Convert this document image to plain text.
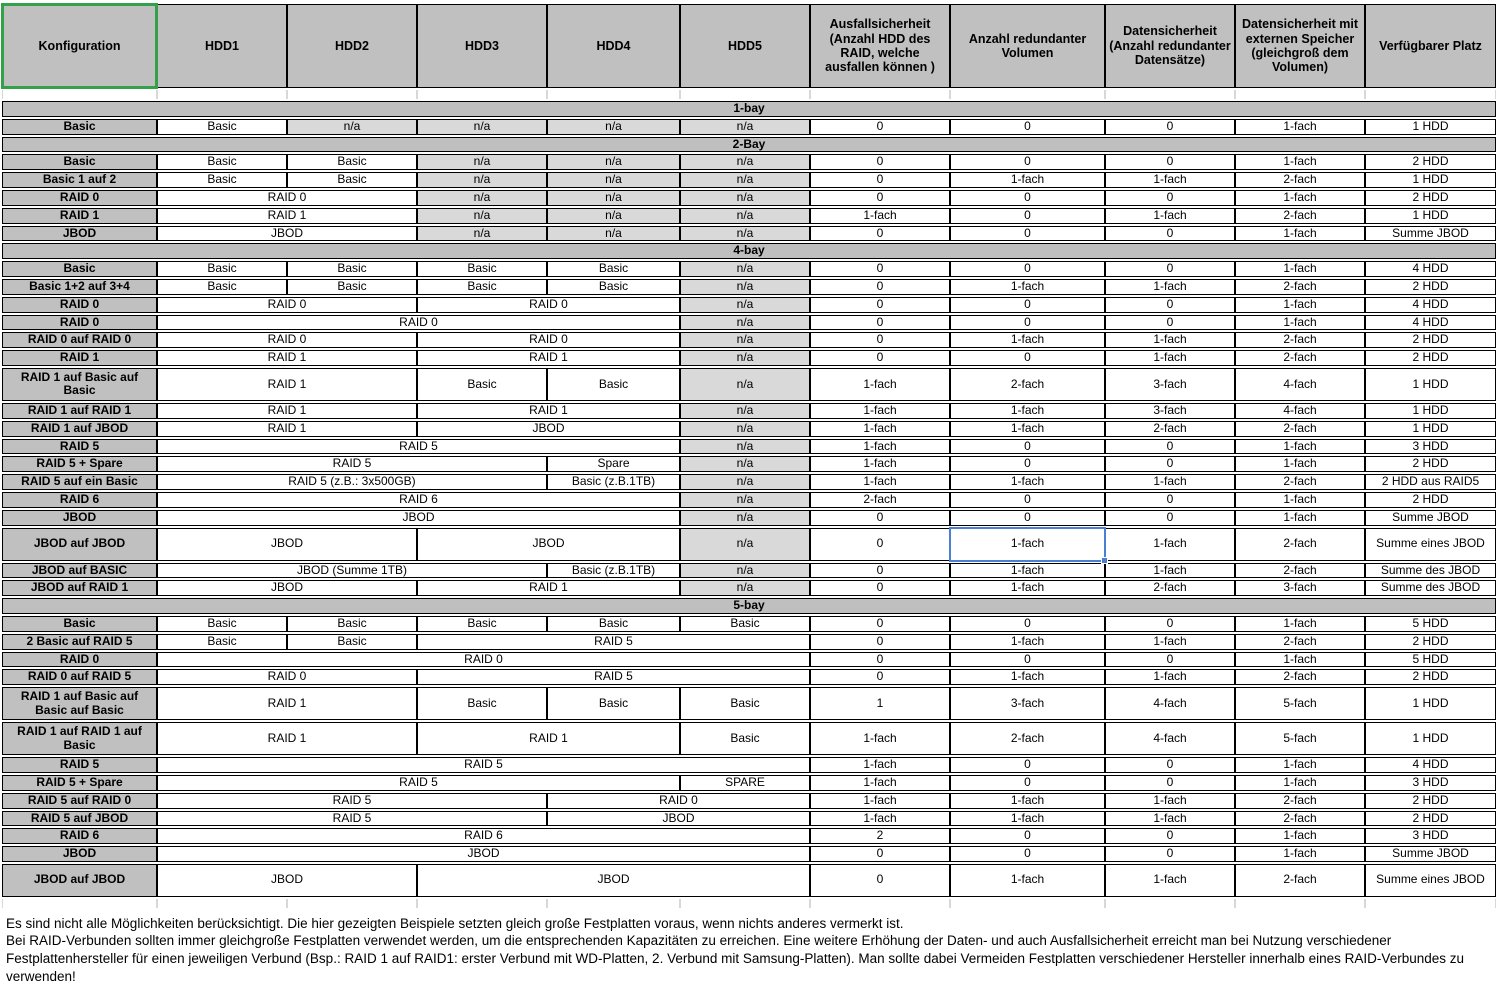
Konfiguration	HDD1	HDD2	HDD3	HDD4	HDD5	Ausfallsicherheit (Anzahl HDD des RAID, welche ausfallen können )	Anzahl redundanter Volumen	Datensicherheit (Anzahl redundanter Datensätze)	Datensicherheit mit externen Speicher (gleichgroß dem Volumen)	Verfügbarer Platz

1-bay										
Basic	Basic	n/a	n/a	n/a	n/a	0	0	0	1-fach	1 HDD
2-Bay										
Basic	Basic	Basic	n/a	n/a	n/a	0	0	0	1-fach	2 HDD
Basic 1 auf 2	Basic	Basic	n/a	n/a	n/a	0	1-fach	1-fach	2-fach	1 HDD
RAID 0	RAID 0		n/a	n/a	n/a	0	0	0	1-fach	2 HDD
RAID 1	RAID 1		n/a	n/a	n/a	1-fach	0	1-fach	2-fach	1 HDD
JBOD	JBOD		n/a	n/a	n/a	0	0	0	1-fach	Summe JBOD
4-bay										
Basic	Basic	Basic	Basic	Basic	n/a	0	0	0	1-fach	4 HDD
Basic 1+2 auf 3+4	Basic	Basic	Basic	Basic	n/a	0	1-fach	1-fach	2-fach	2 HDD
RAID 0	RAID 0		RAID 0		n/a	0	0	0	1-fach	4 HDD
RAID 0	RAID 0				n/a	0	0	0	1-fach	4 HDD
RAID 0 auf RAID 0	RAID 0		RAID 0		n/a	0	1-fach	1-fach	2-fach	2 HDD
RAID 1	RAID 1		RAID 1		n/a	0	0	1-fach	2-fach	2 HDD
RAID 1 auf Basic auf Basic	RAID 1		Basic	Basic	n/a	1-fach	2-fach	3-fach	4-fach	1 HDD
RAID 1 auf RAID 1	RAID 1		RAID 1		n/a	1-fach	1-fach	3-fach	4-fach	1 HDD
RAID 1 auf JBOD	RAID 1		JBOD		n/a	1-fach	1-fach	2-fach	2-fach	1 HDD
RAID 5	RAID 5				n/a	1-fach	0	0	1-fach	3 HDD
RAID 5 + Spare	RAID 5			Spare	n/a	1-fach	0	0	1-fach	2 HDD
RAID 5 auf ein Basic	RAID 5 (z.B.: 3x500GB)			Basic (z.B.1TB)	n/a	1-fach	1-fach	1-fach	2-fach	2 HDD aus RAID5
RAID 6	RAID 6				n/a	2-fach	0	0	1-fach	2 HDD
JBOD	JBOD				n/a	0	0	0	1-fach	Summe JBOD
JBOD auf JBOD	JBOD		JBOD		n/a	0	1-fach	1-fach	2-fach	Summe eines JBOD
JBOD auf BASIC	JBOD (Summe 1TB)			Basic (z.B.1TB)	n/a	0	1-fach	1-fach	2-fach	Summe des JBOD
JBOD auf RAID 1	JBOD		RAID 1		n/a	0	1-fach	2-fach	3-fach	Summe des JBOD
5-bay										
Basic	Basic	Basic	Basic	Basic	Basic	0	0	0	1-fach	5 HDD
2 Basic auf RAID 5	Basic	Basic	RAID 5			0	1-fach	1-fach	2-fach	2 HDD
RAID 0	RAID 0					0	0	0	1-fach	5 HDD
RAID 0 auf RAID 5	RAID 0		RAID 5			0	1-fach	1-fach	2-fach	2 HDD
RAID 1 auf Basic auf Basic auf Basic	RAID 1		Basic	Basic	Basic	1	3-fach	4-fach	5-fach	1 HDD
RAID 1 auf RAID 1 auf Basic	RAID 1		RAID 1		Basic	1-fach	2-fach	4-fach	5-fach	1 HDD
RAID 5	RAID 5					1-fach	0	0	1-fach	4 HDD
RAID 5 + Spare	RAID 5				SPARE	1-fach	0	0	1-fach	3 HDD
RAID 5 auf RAID 0	RAID 5			RAID 0		1-fach	1-fach	1-fach	2-fach	2 HDD
RAID 5 auf JBOD	RAID 5			JBOD		1-fach	1-fach	1-fach	2-fach	2 HDD
RAID 6	RAID 6					2	0	0	1-fach	3 HDD
JBOD	JBOD					0	0	0	1-fach	Summe JBOD
JBOD auf JBOD	JBOD		JBOD			0	1-fach	1-fach	2-fach	Summe eines JBOD

Es sind nicht alle Möglichkeiten berücksichtigt. Die hier gezeigten Beispiele setzten gleich große Festplatten voraus, wenn nichts anderes vermerkt ist.
Bei RAID-Verbunden sollten immer gleichgroße Festplatten verwendet werden, um die entsprechenden Kapazitäten zu erreichen. Eine weitere Erhöhung der Daten- und auch Ausfallsicherheit erreicht man bei Nutzung verschiedener Festplattenhersteller für einen jeweiligen Verbund (Bsp.: RAID 1 auf RAID1: erster Verbund mit WD-Platten, 2. Verbund mit Samsung-Platten). Man sollte dabei Vermeiden Festplatten verschiedener Hersteller innerhalb eines RAID-Verbundes zu verwenden!
